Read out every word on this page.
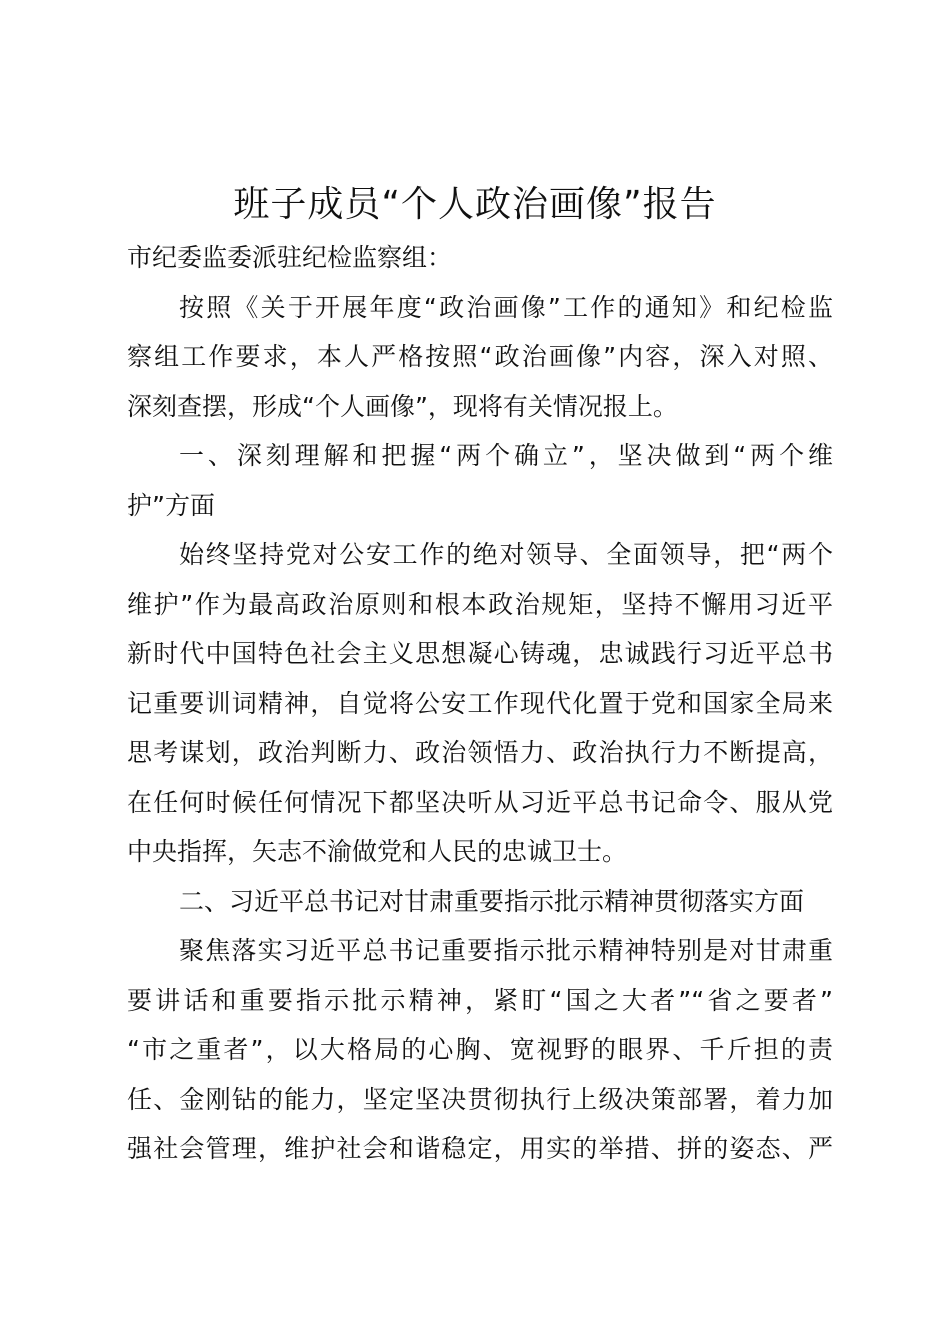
班子成员“个人政治画像”报告
市纪委监委派驻纪检监察组：
按照《关于开展年度“政治画像”工作的通知》和纪检监
察组工作要求，本人严格按照“政治画像”内容，深入对照、
深刻查摆，形成“个人画像”，现将有关情况报上。
一、深刻理解和把握“两个确立”，坚决做到“两个维
护”方面
始终坚持党对公安工作的绝对领导、全面领导，把“两个
维护”作为最高政治原则和根本政治规矩，坚持不懈用习近平
新时代中国特色社会主义思想凝心铸魂，忠诚践行习近平总书
记重要训词精神，自觉将公安工作现代化置于党和国家全局来
思考谋划，政治判断力、政治领悟力、政治执行力不断提高，
在任何时候任何情况下都坚决听从习近平总书记命令、服从党
中央指挥，矢志不渝做党和人民的忠诚卫士。
二、习近平总书记对甘肃重要指示批示精神贯彻落实方面
聚焦落实习近平总书记重要指示批示精神特别是对甘肃重
要讲话和重要指示批示精神，紧盯“国之大者”“省之要者”
“市之重者”，以大格局的心胸、宽视野的眼界、千斤担的责
任、金刚钻的能力，坚定坚决贯彻执行上级决策部署，着力加
强社会管理，维护社会和谐稳定，用实的举措、拼的姿态、严
